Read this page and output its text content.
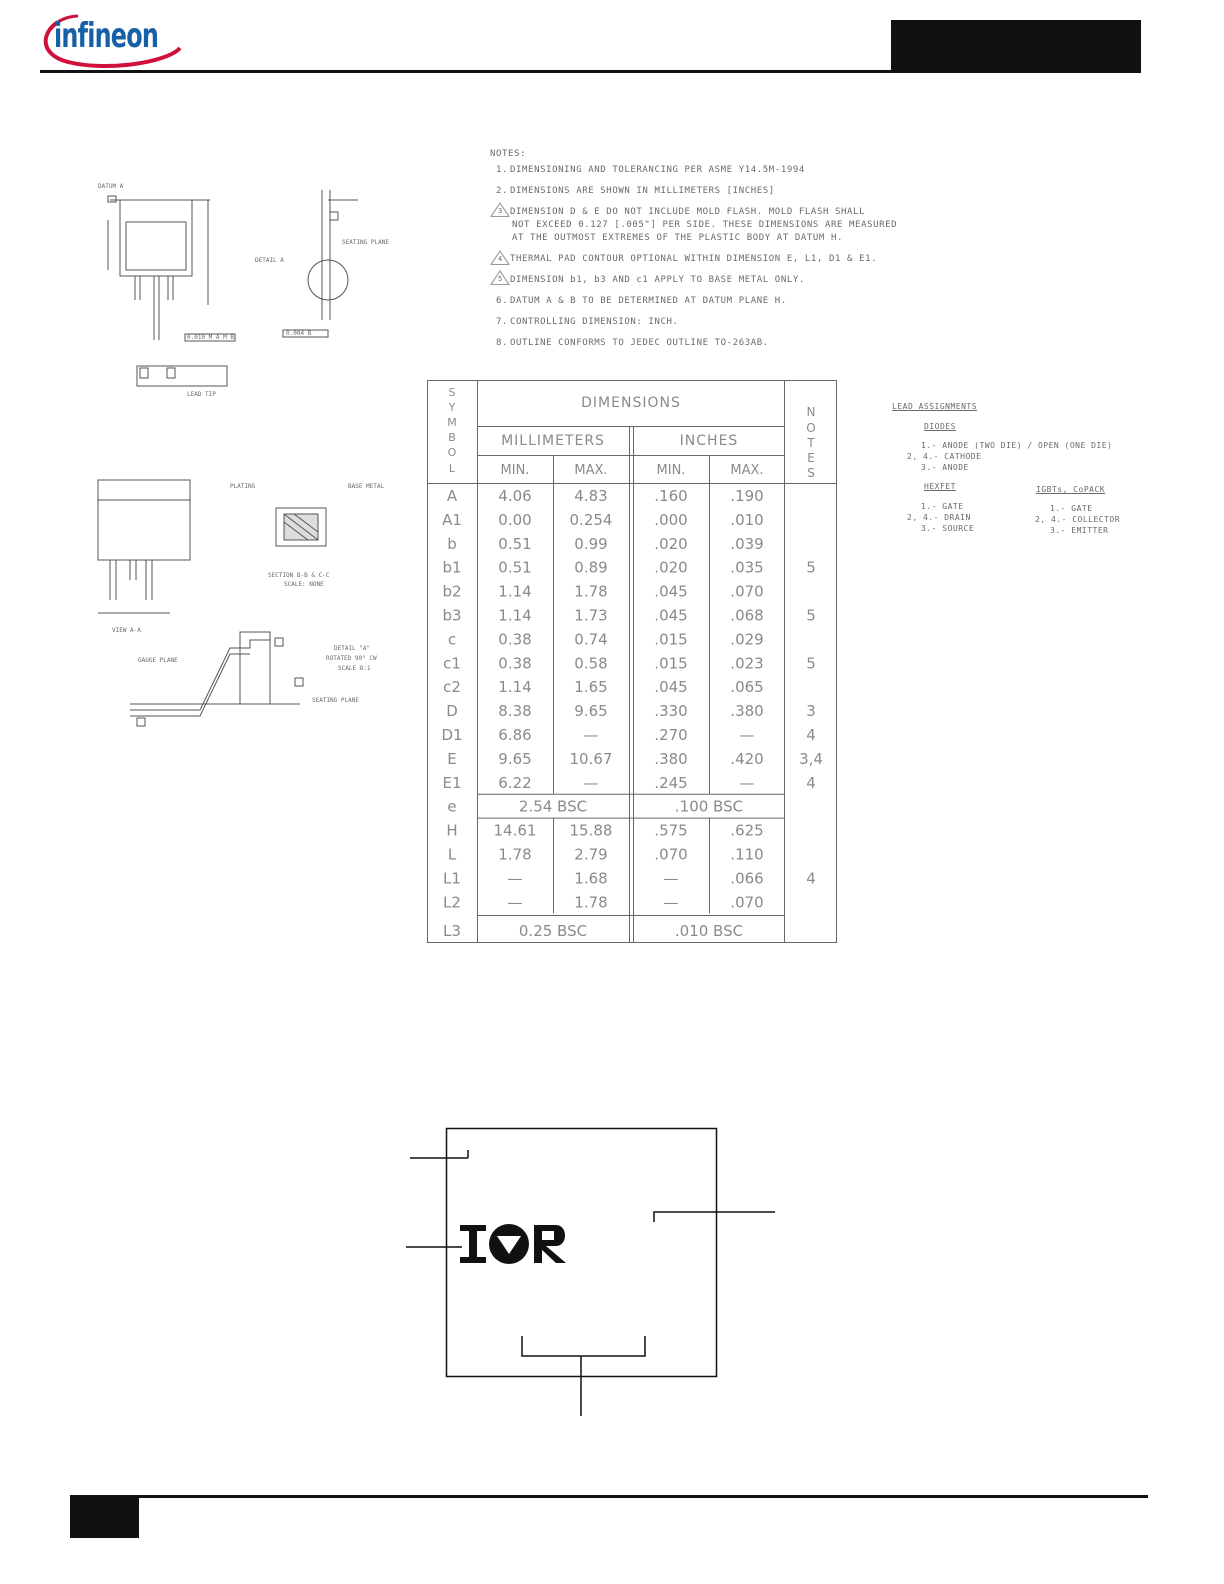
infineon
DATUM A
DETAIL A
SEATING PLANE
LEAD TIP
0.010 M A M B
0.004 B
VIEW A-A
PLATING	BASE METAL
SECTION B-B & C-C
SCALE: NONE
GAUGE PLANE
DETAIL "A"
ROTATED 90° CW
SCALE 8:1
SEATING PLANE
NOTES:
1. DIMENSIONING AND TOLERANCING PER ASME Y14.5M-1994
2. DIMENSIONS ARE SHOWN IN MILLIMETERS [INCHES]
3 DIMENSION D & E DO NOT INCLUDE MOLD FLASH. MOLD FLASH SHALL
NOT EXCEED 0.127 [.005"] PER SIDE. THESE DIMENSIONS ARE MEASURED
AT THE OUTMOST EXTREMES OF THE PLASTIC BODY AT DATUM H.
4 THERMAL PAD CONTOUR OPTIONAL WITHIN DIMENSION E, L1, D1 & E1.
5 DIMENSION b1, b3 AND c1 APPLY TO BASE METAL ONLY.
6. DATUM A & B TO BE DETERMINED AT DATUM PLANE H.
7. CONTROLLING DIMENSION: INCH.
8. OUTLINE CONFORMS TO JEDEC OUTLINE TO-263AB.
S
Y
M
B
O
L
DIMENSIONS
MILLIMETERS	INCHES
MIN.	MAX.	MIN.	MAX.
N
O
T
E
S
A	4.06	4.83	.160	.190
A1 0.00	0.254	.000	.010
b	0.51	0.99	.020	.039
b1 0.51	0.89	.020	.035	5
b2 1.14	1.78	.045	.070
b3 1.14	1.73	.045	.068	5
c	0.38	0.74	.015	.029
c1 0.38	0.58	.015	.023	5
c2 1.14	1.65	.045	.065
D	8.38	9.65	.330	.380	3
D1 6.86	—	.270	—	4
E	9.65	10.67	.380	.420 3,4
E1 6.22	—	.245	—	4
e	2.54 BSC	.100 BSC
H 14.61 15.88	.575	.625
L	1.78	2.79	.070	.110
L1	—	1.68	—	.066	4
L2	—	1.78	—	.070
L3	0.25 BSC	.010 BSC
LEAD ASSIGNMENTS
DIODES
1.- ANODE (TWO DIE) / OPEN (ONE DIE)
2, 4.- CATHODE
3.- ANODE
HEXFET
1.- GATE
2, 4.- DRAIN
3.- SOURCE
IGBTs, CoPACK
1.- GATE
2, 4.- COLLECTOR
3.- EMITTER
IOR
